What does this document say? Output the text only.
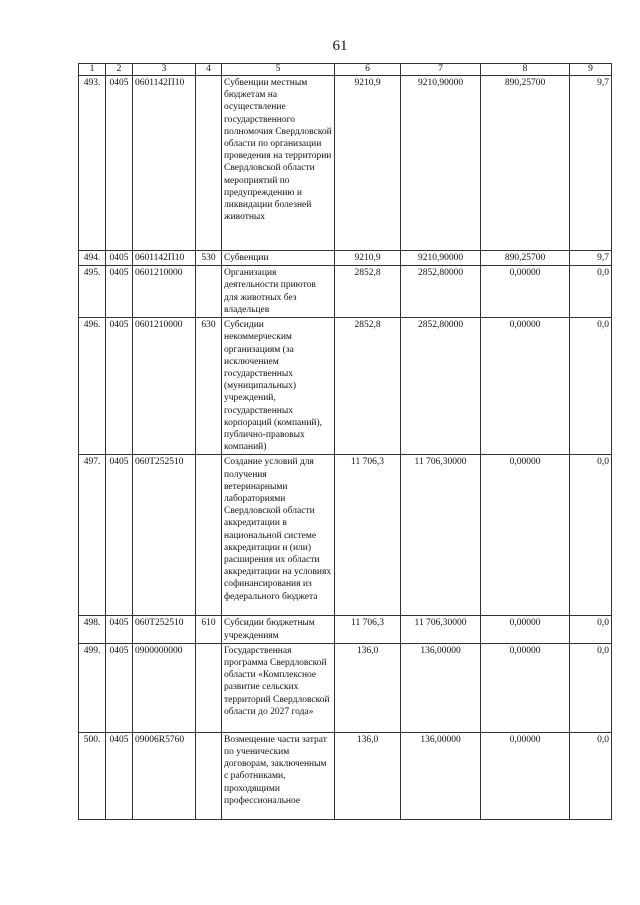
61
1	2	3	4	5	6	7	8	9
493.	0405	0601142П10		Субвенции местным бюджетам на осуществление государственного полномочия Свердловской области по организации проведения на территории Свердловской области мероприятий по предупреждению и ликвидации болезней животных	9210,9	9210,90000	890,25700	9,7
494.	0405	0601142П10	530	Субвенции	9210,9	9210,90000	890,25700	9,7
495.	0405	0601210000		Организация деятельности приютов для животных без владельцев	2852,8	2852,80000	0,00000	0,0
496.	0405	0601210000	630	Субсидии некоммерческим организациям (за исключением государственных (муниципальных) учреждений, государственных корпораций (компаний), публично-правовых компаний)	2852,8	2852,80000	0,00000	0,0
497.	0405	060Т252510		Создание условий для получения ветеринарными лабораториями Свердловской области аккредитации в национальной системе аккредитации и (или) расширения их области аккредитации на условиях софинансирования из федерального бюджета	11 706,3	11 706,30000	0,00000	0,0
498.	0405	060Т252510	610	Субсидии бюджетным учреждениям	11 706,3	11 706,30000	0,00000	0,0
499.	0405	0900000000		Государственная программа Свердловской области «Комплексное развитие сельских территорий Свердловской области до 2027 года»	136,0	136,00000	0,00000	0,0
500.	0405	09006R5760		Возмещение части затрат по ученическим договорам, заключенным с работниками, проходящими профессиональное	136,0	136,00000	0,00000	0,0
